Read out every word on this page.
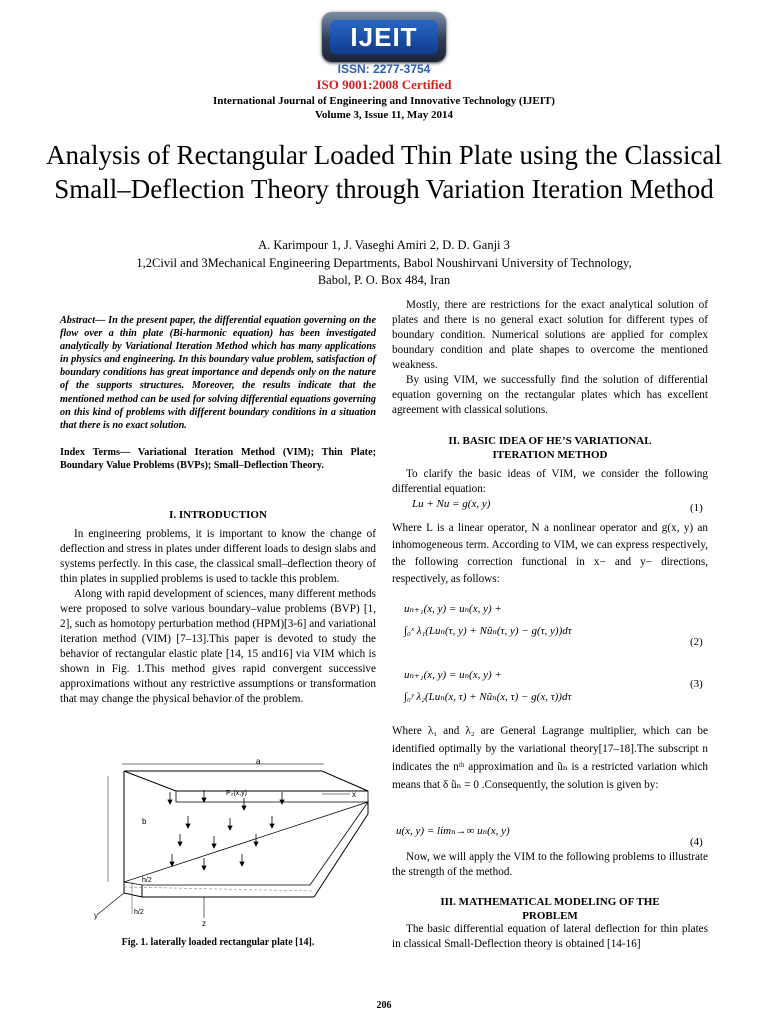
IJEIT
ISSN: 2277-3754
ISO 9001:2008 Certified
International Journal of Engineering and Innovative Technology (IJEIT)
Volume 3, Issue 11, May 2014
Analysis of Rectangular Loaded Thin Plate using the Classical Small–Deflection Theory through Variation Iteration Method
A. Karimpour 1, J. Vaseghi Amiri 2, D. D. Ganji 3
1,2Civil and 3Mechanical Engineering Departments, Babol Noushirvani University of Technology,
Babol, P. O. Box 484, Iran
Abstract— In the present paper, the differential equation governing on the flow over a thin plate (Bi-harmonic equation) has been investigated analytically by Variational Iteration Method which has many applications in physics and engineering. In this boundary value problem, satisfaction of boundary conditions has great importance and depends only on the nature of the supports structures. Moreover, the results indicate that the mentioned method can be used for solving differential equations governing on this kind of problems with different boundary conditions in a situation that there is no exact solution.
Index Terms— Variational Iteration Method (VIM); Thin Plate; Boundary Value Problems (BVPs); Small–Deflection Theory.
I. INTRODUCTION

In engineering problems, it is important to know the change of deflection and stress in plates under different loads to design slabs and systems perfectly. In this case, the classical small–deflection theory of thin plates in supplied problems is used to tackle this problem.

Along with rapid development of sciences, many different methods were proposed to solve various boundary–value problems (BVP) [1, 2], such as homotopy perturbation method (HPM)[3-6] and variational iteration method (VIM) [7–13].This paper is devoted to study the behavior of rectangular elastic plate [14, 15 and16] via VIM which is shown in Fig. 1.This method gives rapid convergent successive approximations without any restrictive assumptions or transformation that may change the physical behavior of the problem.

a
b
P₂(x,y)	x
y
z
h/2
h/2
Fig. 1. laterally loaded rectangular plate [14].

Mostly, there are restrictions for the exact analytical solution of plates and there is no general exact solution for different types of boundary condition. Numerical solutions are applied for complex boundary condition and plate shapes to overcome the mentioned weakness.

By using VIM, we successfully find the solution of differential equation governing on the rectangular plates which has excellent agreement with classical solutions.

II. BASIC IDEA OF HE’S VARIATIONAL
ITERATION METHOD

To clarify the basic ideas of VIM, we consider the following differential equation:

Lu + Nu = g(x, y)	(1)
Where L is a linear operator, N a nonlinear operator and g(x, y) an inhomogeneous term. According to VIM, we can express respectively, the following correction functional in x− and y− directions, respectively, as follows:
uₙ₊₁(x, y) = uₙ(x, y) +
∫₀ˣ λ₁(Luₙ(τ, y) + Nũₙ(τ, y) − g(τ, y))dτ
(2)
uₙ₊₁(x, y) = uₙ(x, y) +
∫₀ʸ λ₂(Luₙ(x, τ) + Nũₙ(x, τ) − g(x, τ))dτ
(3)
Where λ₁ and λ₂ are General Lagrange multiplier, which can be identified optimally by the variational theory[17–18].The subscript n indicates the nᵗʰ approximation and ũₙ is a restricted variation which means that δ ũₙ = 0 .Consequently, the solution is given by:
u(x, y) = limₙ→∞ uₙ(x, y)
(4)

Now, we will apply the VIM to the following problems to illustrate the strength of the method.

III. MATHEMATICAL MODELING OF THE
PROBLEM

The basic differential equation of lateral deflection for thin plates in classical Small-Deflection theory is obtained [14-16]

206
